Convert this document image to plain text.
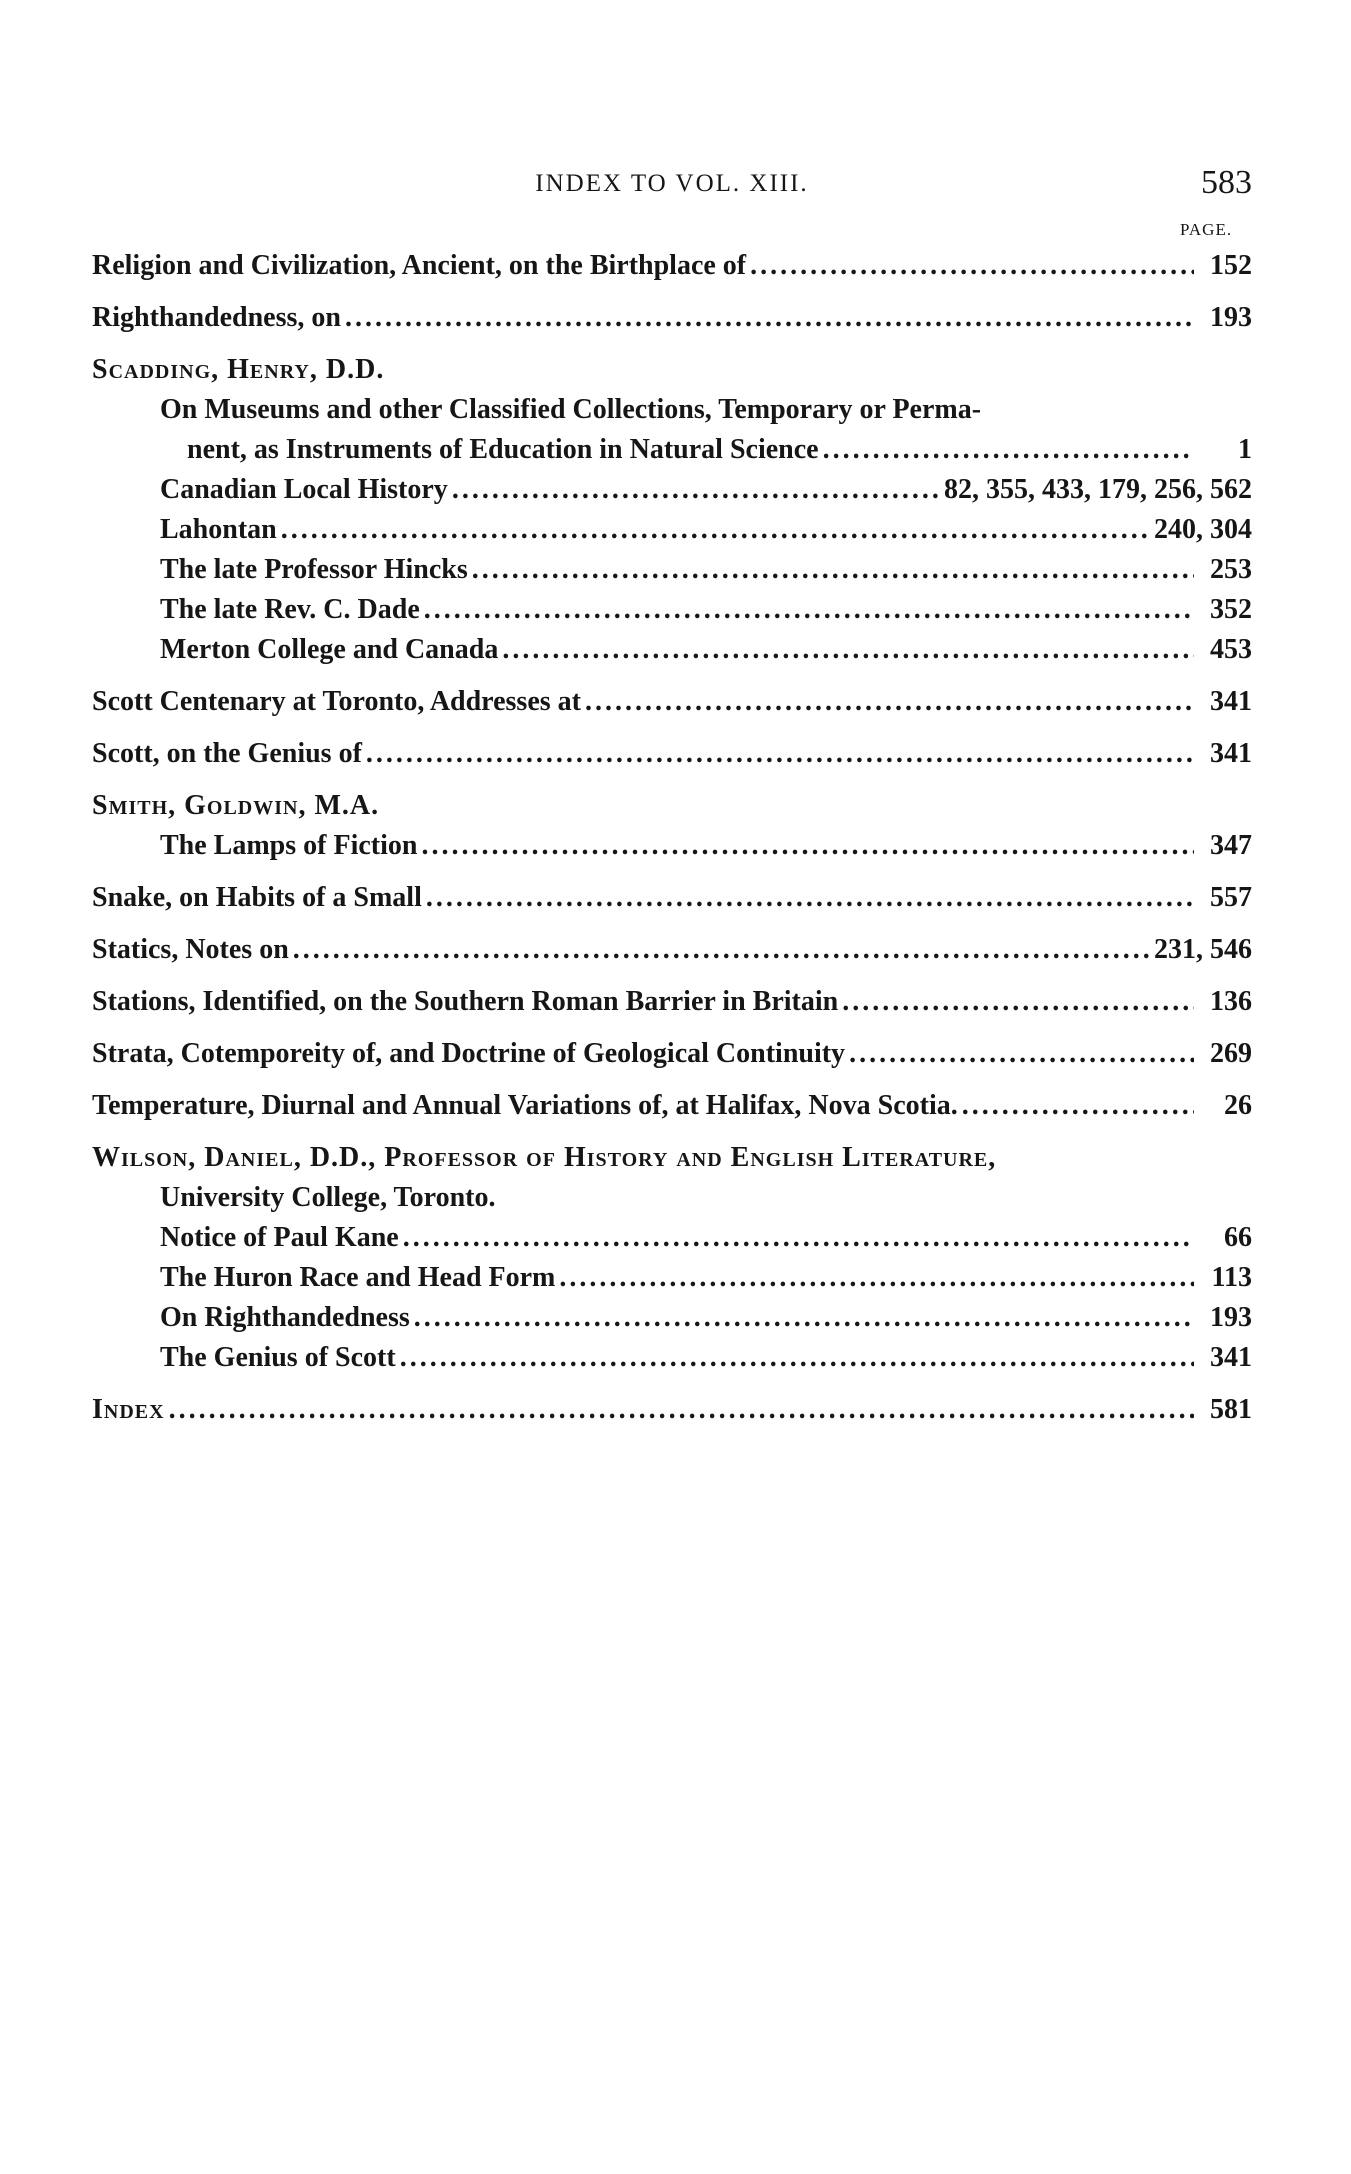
INDEX TO VOL. XIII.	583
PAGE.
Religion and Civilization, Ancient, on the Birthplace of .....	152
Righthandedness, on .....	193
Scadding, Henry, D.D.
On Museums and other Classified Collections, Temporary or Perma-
nent, as Instruments of Education in Natural Science .....	1
Canadian Local History .....	82, 355, 433, 179, 256, 562
Lahontan .....	240, 304
The late Professor Hincks .....	253
The late Rev. C. Dade .....	352
Merton College and Canada .....	453
Scott Centenary at Toronto, Addresses at .....	341
Scott, on the Genius of .....	341
Smith, Goldwin, M.A.
The Lamps of Fiction .....	347
Snake, on Habits of a Small .....	557
Statics, Notes on .....	231, 546
Stations, Identified, on the Southern Roman Barrier in Britain .....	136
Strata, Cotemporeity of, and Doctrine of Geological Continuity .....	269
Temperature, Diurnal and Annual Variations of, at Halifax, Nova Scotia. .....	26
Wilson, Daniel, D.D., Professor of History and English Literature,
University College, Toronto.
Notice of Paul Kane .....	66
The Huron Race and Head Form .....	113
On Righthandedness .....	193
The Genius of Scott .....	341
Index .....	581
